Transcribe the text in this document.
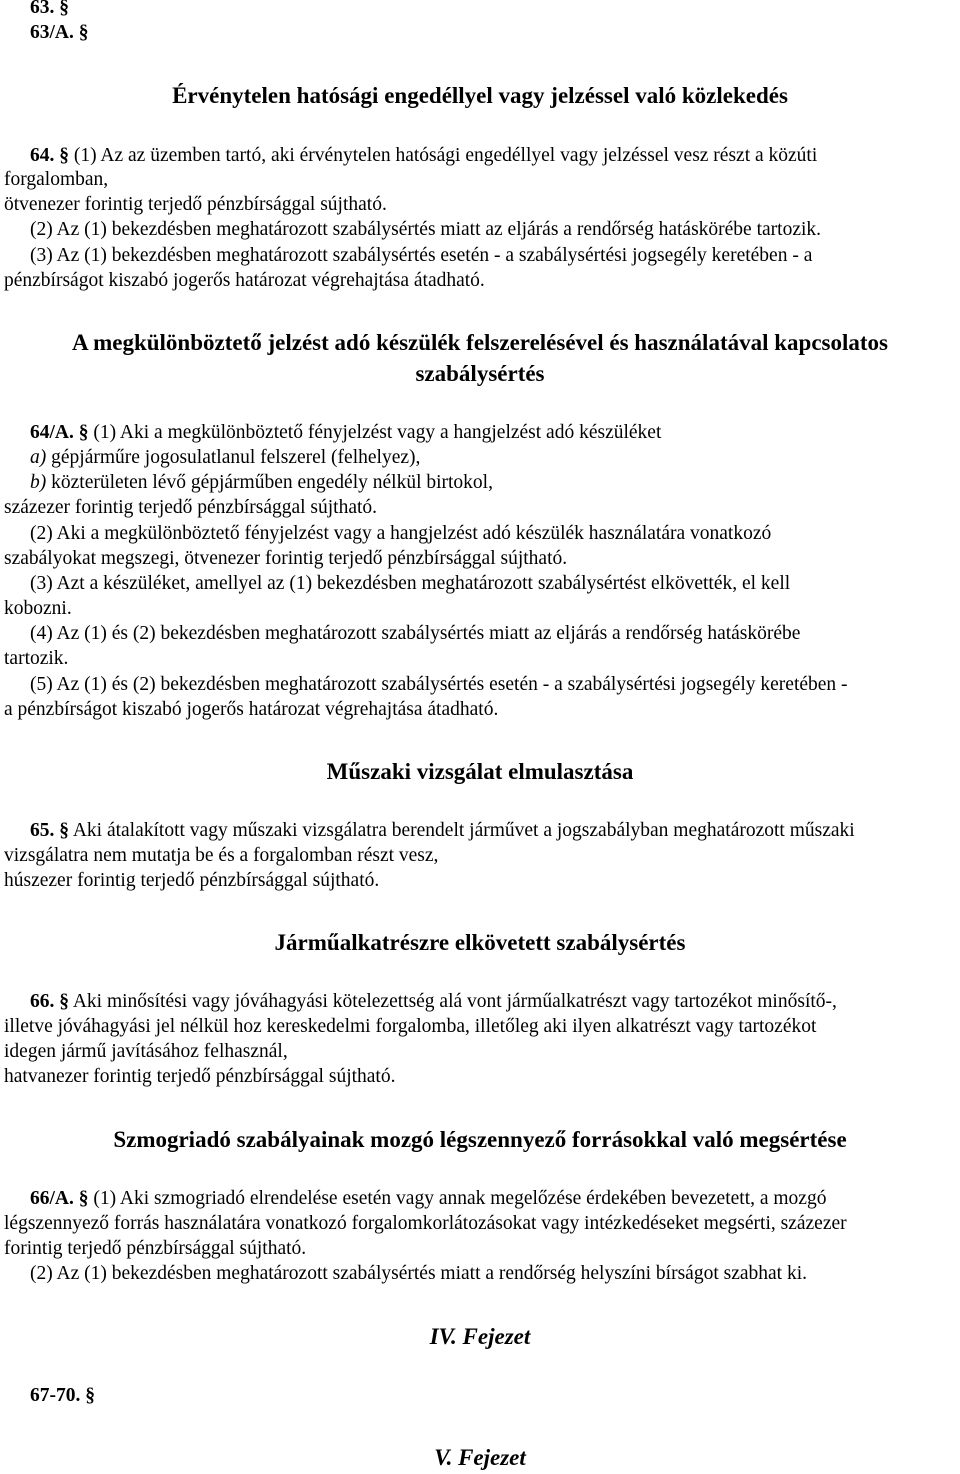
63. §
63/A. §
Érvénytelen hatósági engedéllyel vagy jelzéssel való közlekedés
64. § (1) Az az üzemben tartó, aki érvénytelen hatósági engedéllyel vagy jelzéssel vesz részt a közúti
forgalomban,
ötvenezer forintig terjedő pénzbírsággal sújtható.
(2) Az (1) bekezdésben meghatározott szabálysértés miatt az eljárás a rendőrség hatáskörébe tartozik.
(3) Az (1) bekezdésben meghatározott szabálysértés esetén - a szabálysértési jogsegély keretében - a
pénzbírságot kiszabó jogerős határozat végrehajtása átadható.
A megkülönböztető jelzést adó készülék felszerelésével és használatával kapcsolatos
szabálysértés
64/A. § (1) Aki a megkülönböztető fényjelzést vagy a hangjelzést adó készüléket
a) gépjárműre jogosulatlanul felszerel (felhelyez),
b) közterületen lévő gépjárműben engedély nélkül birtokol,
százezer forintig terjedő pénzbírsággal sújtható.
(2) Aki a megkülönböztető fényjelzést vagy a hangjelzést adó készülék használatára vonatkozó
szabályokat megszegi, ötvenezer forintig terjedő pénzbírsággal sújtható.
(3) Azt a készüléket, amellyel az (1) bekezdésben meghatározott szabálysértést elkövették, el kell
kobozni.
(4) Az (1) és (2) bekezdésben meghatározott szabálysértés miatt az eljárás a rendőrség hatáskörébe
tartozik.
(5) Az (1) és (2) bekezdésben meghatározott szabálysértés esetén - a szabálysértési jogsegély keretében -
a pénzbírságot kiszabó jogerős határozat végrehajtása átadható.
Műszaki vizsgálat elmulasztása
65. § Aki átalakított vagy műszaki vizsgálatra berendelt járművet a jogszabályban meghatározott műszaki
vizsgálatra nem mutatja be és a forgalomban részt vesz,
húszezer forintig terjedő pénzbírsággal sújtható.
Járműalkatrészre elkövetett szabálysértés
66. § Aki minősítési vagy jóváhagyási kötelezettség alá vont járműalkatrészt vagy tartozékot minősítő-,
illetve jóváhagyási jel nélkül hoz kereskedelmi forgalomba, illetőleg aki ilyen alkatrészt vagy tartozékot
idegen jármű javításához felhasznál,
hatvanezer forintig terjedő pénzbírsággal sújtható.
Szmogriadó szabályainak mozgó légszennyező forrásokkal való megsértése
66/A. § (1) Aki szmogriadó elrendelése esetén vagy annak megelőzése érdekében bevezetett, a mozgó
légszennyező forrás használatára vonatkozó forgalomkorlátozásokat vagy intézkedéseket megsérti, százezer
forintig terjedő pénzbírsággal sújtható.
(2) Az (1) bekezdésben meghatározott szabálysértés miatt a rendőrség helyszíni bírságot szabhat ki.
IV. Fejezet
67-70. §
V. Fejezet
